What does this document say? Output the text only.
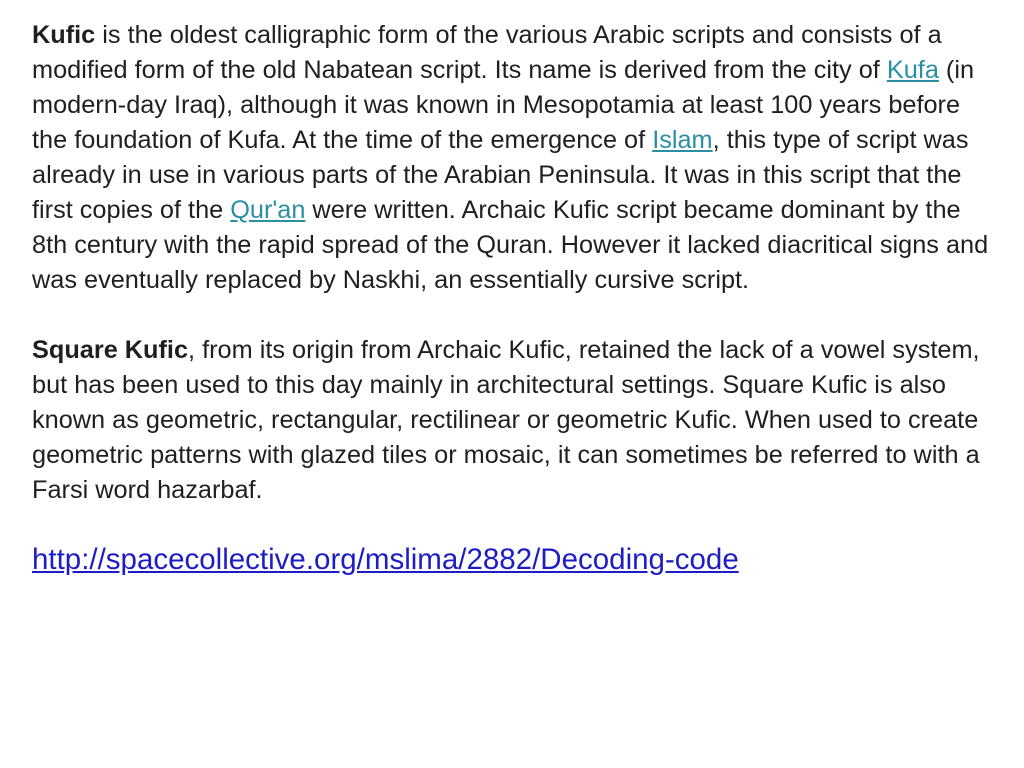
Kufic is the oldest calligraphic form of the various Arabic scripts and consists of a modified form of the old Nabatean script. Its name is derived from the city of Kufa (in modern-day Iraq), although it was known in Mesopotamia at least 100 years before the foundation of Kufa. At the time of the emergence of Islam, this type of script was already in use in various parts of the Arabian Peninsula. It was in this script that the first copies of the Qur'an were written. Archaic Kufic script became dominant by the 8th century with the rapid spread of the Quran. However it lacked diacritical signs and was eventually replaced by Naskhi, an essentially cursive script.

Square Kufic, from its origin from Archaic Kufic, retained the lack of a vowel system, but has been used to this day mainly in architectural settings. Square Kufic is also known as geometric, rectangular, rectilinear or geometric Kufic. When used to create geometric patterns with glazed tiles or mosaic, it can sometimes be referred to with a Farsi word hazarbaf.

http://spacecollective.org/mslima/2882/Decoding-code
